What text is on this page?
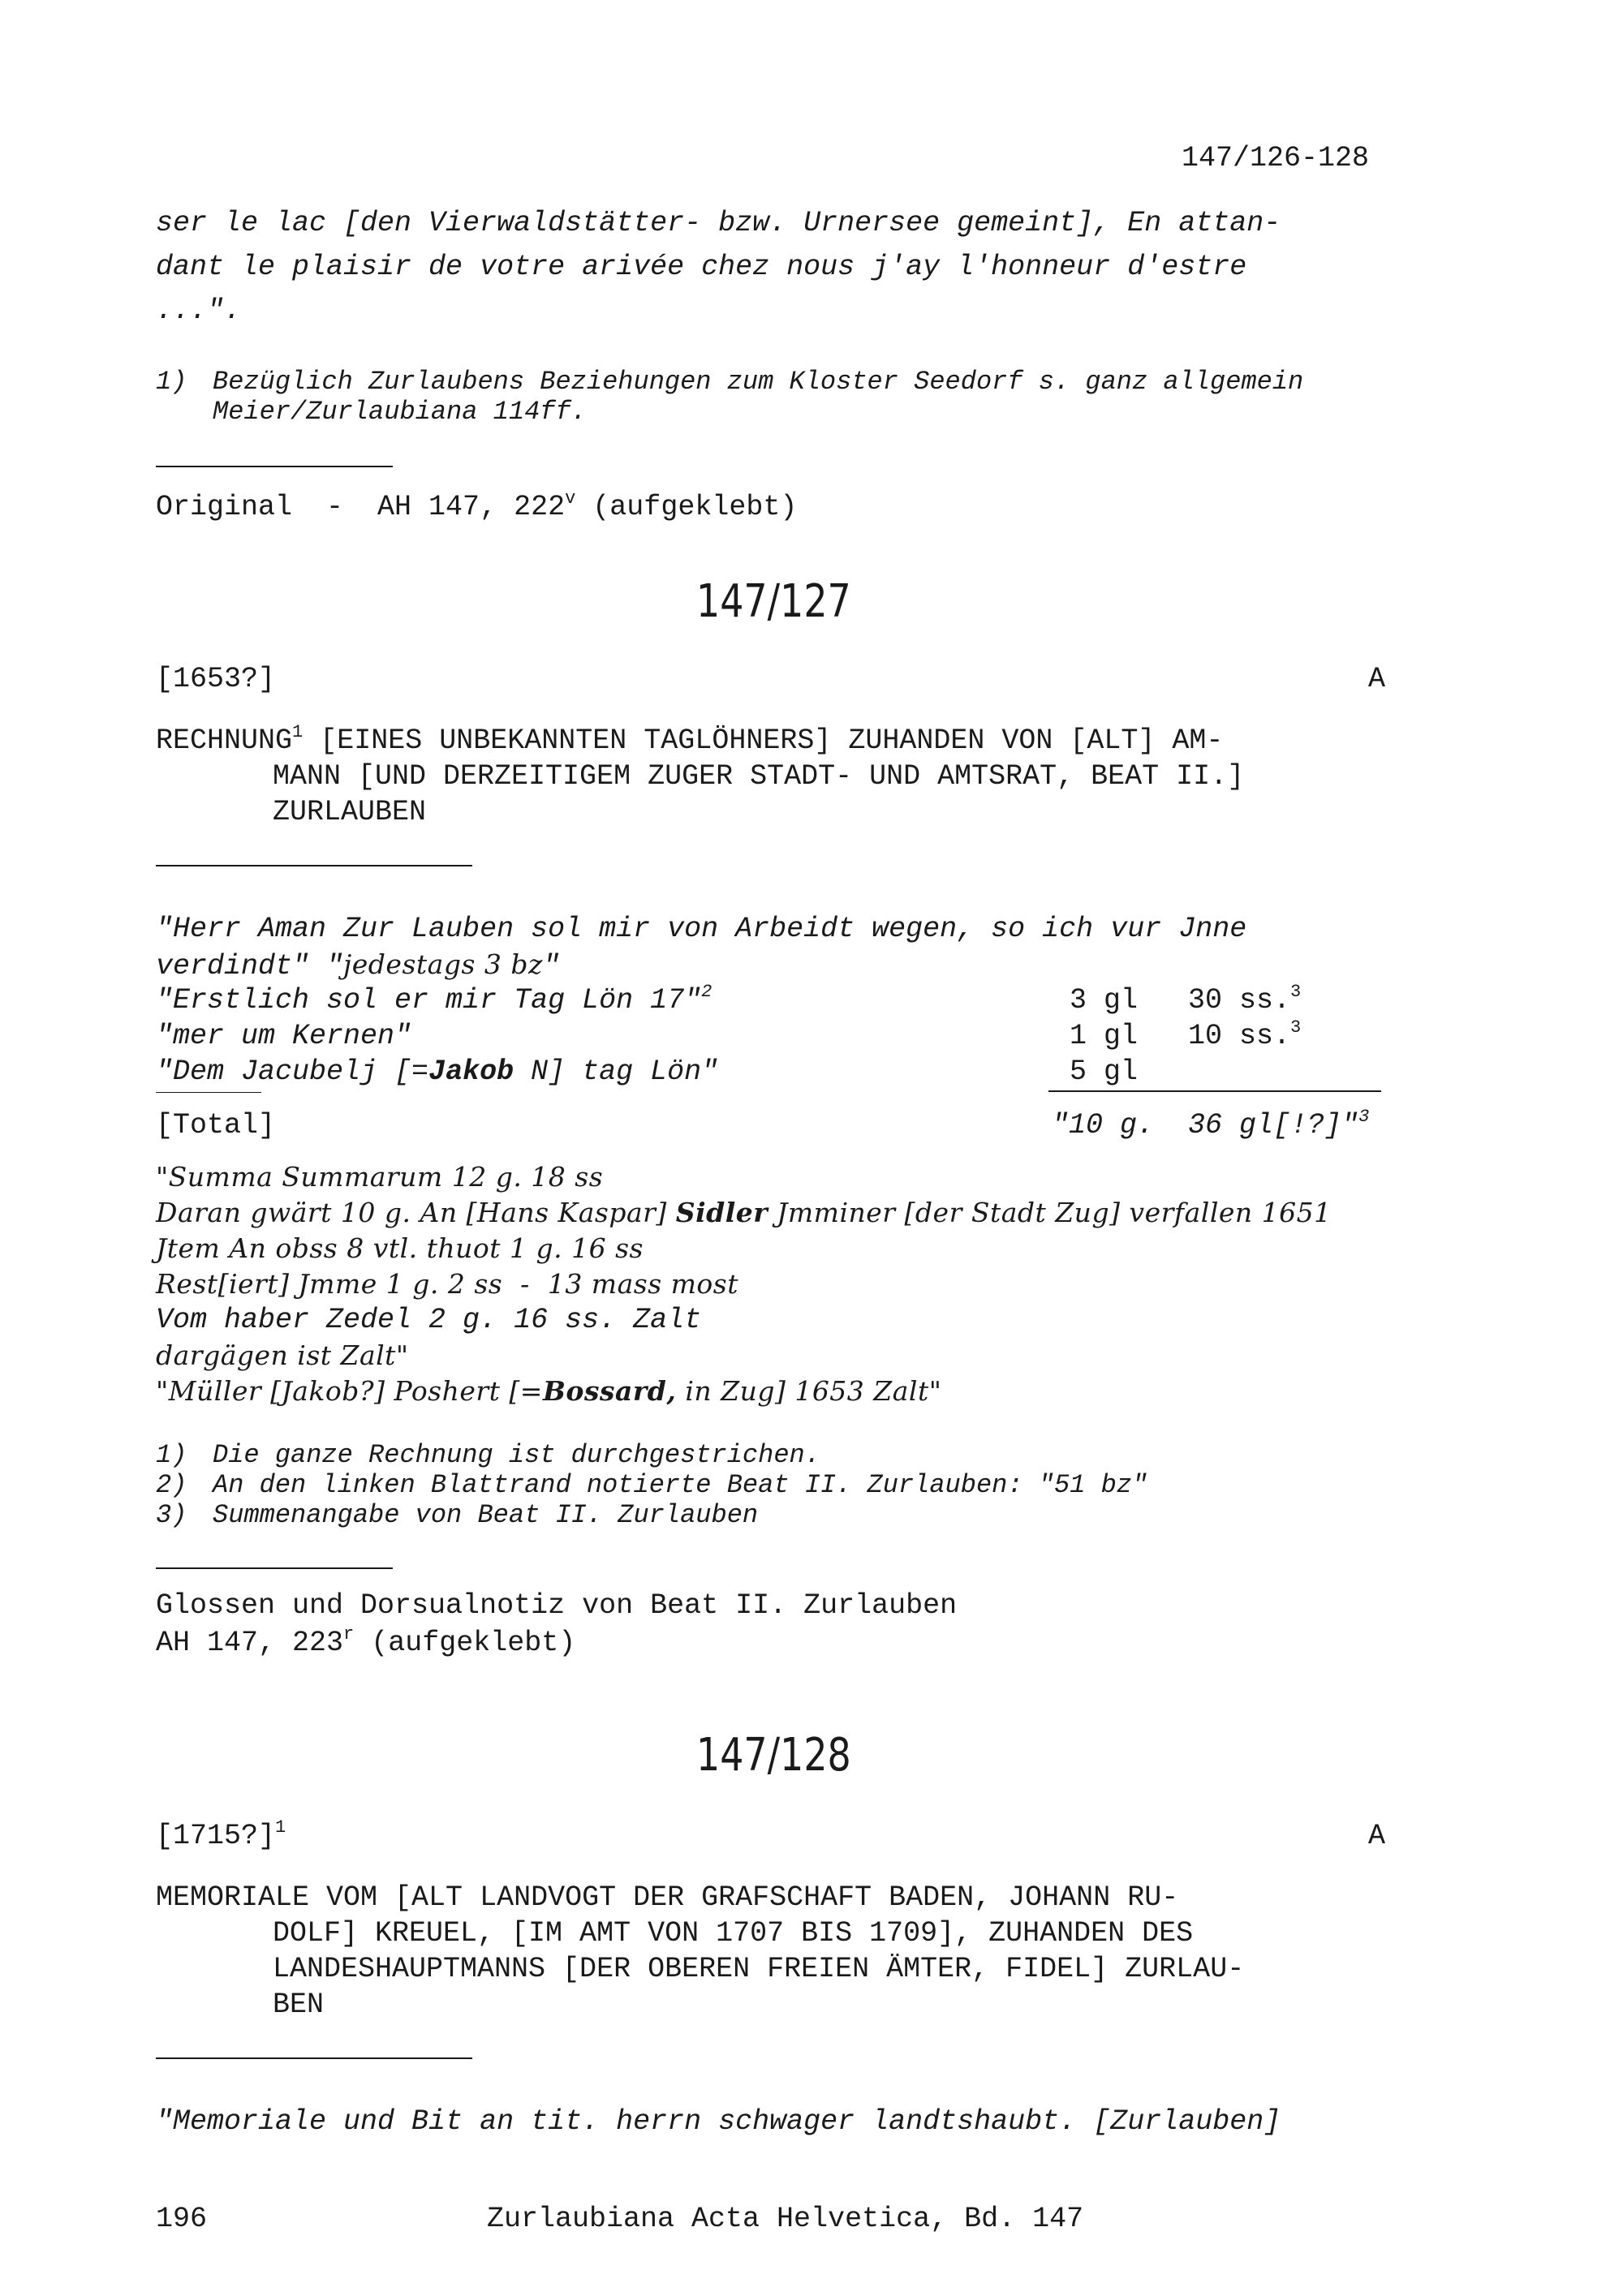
147/126-128
ser le lac [den Vierwaldstätter- bzw. Urnersee gemeint], En attan-
dant le plaisir de votre arivée chez nous j'ay l'honneur d'estre
...".
1) Bezüglich Zurlaubens Beziehungen zum Kloster Seedorf s. ganz allgemein
Meier/Zurlaubiana 114ff.
Original  -  AH 147, 222$^v$ (aufgeklebt)
147/127
[1653?]	A
RECHNUNG$^1$ [EINES UNBEKANNTEN TAGLÖHNERS] ZUHANDEN VON [ALT] AM-
MANN [UND DERZEITIGEM ZUGER STADT- UND AMTSRAT, BEAT II.]
ZURLAUBEN
"Herr Aman Zur Lauben sol mir von Arbeidt wegen, so ich vur Jnne
verdindt" "jedestags 3 bz"
"Erstlich sol er mir Tag Lön 17"$^2$	3 gl 30 ss.$^3$
"mer um Kernen"	1 gl 10 ss.$^3$
"Dem Jacubelj [=Jakob N] tag Lön"	5 gl
[Total]	"10 g.  36 gl[!?]"$^3$
"Summa Summarum 12 g. 18 ss
Daran gwärt 10 g. An [Hans Kaspar] Sidler Jmminer [der Stadt Zug] verfallen 1651
Jtem An obss 8 vtl. thuot 1 g. 16 ss
Rest[iert] Jmme 1 g. 2 ss  -  13 mass most
Vom haber Zedel 2 g. 16 ss. Zalt
dargägen ist Zalt"
"Müller [Jakob?] Poshert [=Bossard, in Zug] 1653 Zalt"
1) Die ganze Rechnung ist durchgestrichen.
2) An den linken Blattrand notierte Beat II. Zurlauben: "51 bz"
3) Summenangabe von Beat II. Zurlauben
Glossen und Dorsualnotiz von Beat II. Zurlauben
AH 147, 223$^r$ (aufgeklebt)
147/128
[1715?]$^1$	A
MEMORIALE VOM [ALT LANDVOGT DER GRAFSCHAFT BADEN, JOHANN RU-
DOLF] KREUEL, [IM AMT VON 1707 BIS 1709], ZUHANDEN DES
LANDESHAUPTMANNS [DER OBEREN FREIEN ÄMTER, FIDEL] ZURLAU-
BEN
"Memoriale und Bit an tit. herrn schwager landtshaubt. [Zurlauben]
196	Zurlaubiana Acta Helvetica, Bd. 147
